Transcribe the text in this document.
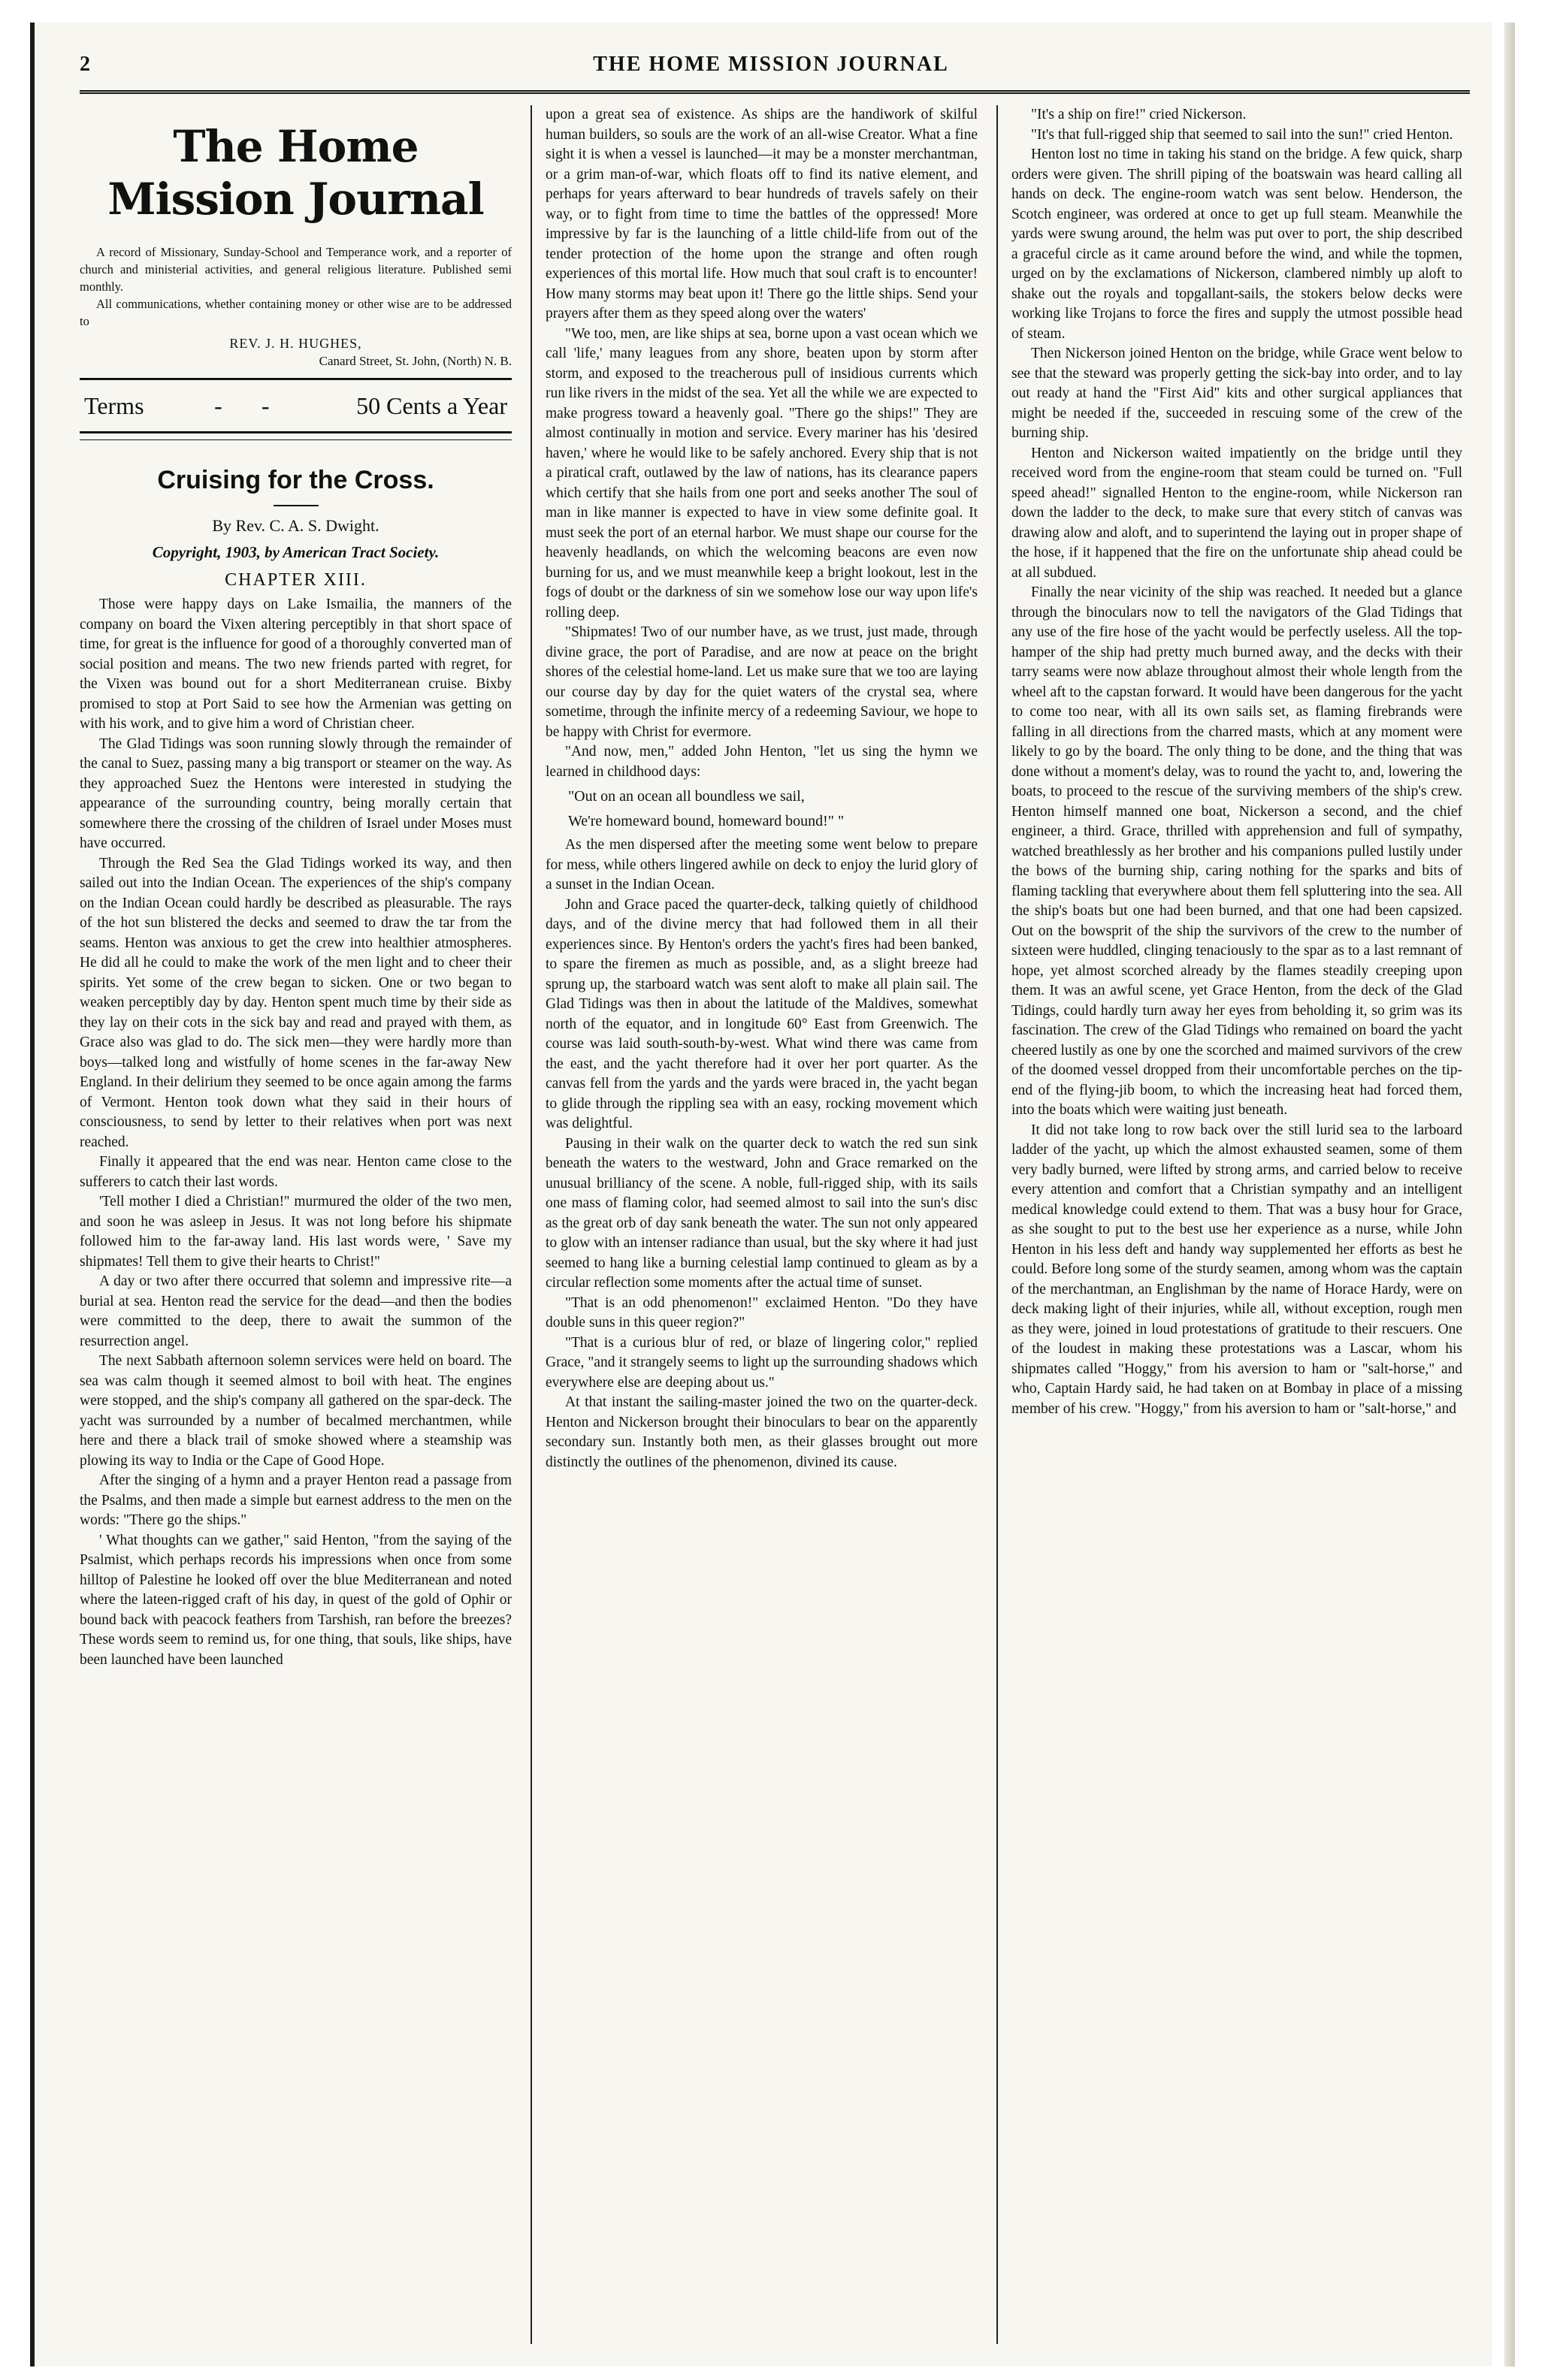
2	THE HOME MISSION JOURNAL
The Home Mission Journal

A record of Missionary, Sunday-School and Temperance work, and a reporter of church and ministerial activities, and general religious literature. Published semi monthly.

All communications, whether containing money or other wise are to be addressed to

REV. J. H. HUGHES,
Canard Street, St. John, (North) N. B.
Terms	- -	50 Cents a Year
Cruising for the Cross.
By Rev. C. A. S. Dwight.
Copyright, 1903, by American Tract Society.
CHAPTER XIII.

Those were happy days on Lake Ismailia, the manners of the company on board the Vixen altering perceptibly in that short space of time, for great is the influence for good of a thoroughly converted man of social position and means. The two new friends parted with regret, for the Vixen was bound out for a short Mediterranean cruise. Bixby promised to stop at Port Said to see how the Armenian was getting on with his work, and to give him a word of Christian cheer.

The Glad Tidings was soon running slowly through the remainder of the canal to Suez, passing many a big transport or steamer on the way. As they approached Suez the Hentons were interested in studying the appearance of the surrounding country, being morally certain that somewhere there the crossing of the children of Israel under Moses must have occurred.

Through the Red Sea the Glad Tidings worked its way, and then sailed out into the Indian Ocean. The experiences of the ship's company on the Indian Ocean could hardly be described as pleasurable. The rays of the hot sun blistered the decks and seemed to draw the tar from the seams. Henton was anxious to get the crew into healthier atmospheres. He did all he could to make the work of the men light and to cheer their spirits. Yet some of the crew began to sicken. One or two began to weaken perceptibly day by day. Henton spent much time by their side as they lay on their cots in the sick bay and read and prayed with them, as Grace also was glad to do. The sick men—they were hardly more than boys—talked long and wistfully of home scenes in the far-away New England. In their delirium they seemed to be once again among the farms of Vermont. Henton took down what they said in their hours of consciousness, to send by letter to their relatives when port was next reached.

Finally it appeared that the end was near. Henton came close to the sufferers to catch their last words.

'Tell mother I died a Christian!'' murmured the older of the two men, and soon he was asleep in Jesus. It was not long before his shipmate followed him to the far-away land. His last words were, ' Save my shipmates! Tell them to give their hearts to Christ!''

A day or two after there occurred that solemn and impressive rite—a burial at sea. Henton read the service for the dead—and then the bodies were committed to the deep, there to await the summon of the resurrection angel.

The next Sabbath afternoon solemn services were held on board. The sea was calm though it seemed almost to boil with heat. The engines were stopped, and the ship's company all gathered on the spar-deck. The yacht was surrounded by a number of becalmed merchantmen, while here and there a black trail of smoke showed where a steamship was plowing its way to India or the Cape of Good Hope.

After the singing of a hymn and a prayer Henton read a passage from the Psalms, and then made a simple but earnest address to the men on the words: "There go the ships."

' What thoughts can we gather," said Henton, "from the saying of the Psalmist, which perhaps records his impressions when once from some hilltop of Palestine he looked off over the blue Mediterranean and noted where the lateen-rigged craft of his day, in quest of the gold of Ophir or bound back with peacock feathers from Tarshish, ran before the breezes? These words seem to remind us, for one thing, that souls, like ships, have been launched have been launched

upon a great sea of existence. As ships are the handiwork of skilful human builders, so souls are the work of an all-wise Creator. What a fine sight it is when a vessel is launched—it may be a monster merchantman, or a grim man-of-war, which floats off to find its native element, and perhaps for years afterward to bear hundreds of travels safely on their way, or to fight from time to time the battles of the oppressed! More impressive by far is the launching of a little child-life from out of the tender protection of the home upon the strange and often rough experiences of this mortal life. How much that soul craft is to encounter! How many storms may beat upon it! There go the little ships. Send your prayers after them as they speed along over the waters'

"We too, men, are like ships at sea, borne upon a vast ocean which we call 'life,' many leagues from any shore, beaten upon by storm after storm, and exposed to the treacherous pull of insidious currents which run like rivers in the midst of the sea. Yet all the while we are expected to make progress toward a heavenly goal. "There go the ships!" They are almost continually in motion and service. Every mariner has his 'desired haven,' where he would like to be safely anchored. Every ship that is not a piratical craft, outlawed by the law of nations, has its clearance papers which certify that she hails from one port and seeks another The soul of man in like manner is expected to have in view some definite goal. It must seek the port of an eternal harbor. We must shape our course for the heavenly headlands, on which the welcoming beacons are even now burning for us, and we must meanwhile keep a bright lookout, lest in the fogs of doubt or the darkness of sin we somehow lose our way upon life's rolling deep.

"Shipmates! Two of our number have, as we trust, just made, through divine grace, the port of Paradise, and are now at peace on the bright shores of the celestial home-land. Let us make sure that we too are laying our course day by day for the quiet waters of the crystal sea, where sometime, through the infinite mercy of a redeeming Saviour, we hope to be happy with Christ for evermore.

"And now, men," added John Henton, "let us sing the hymn we learned in childhood days:

"Out on an ocean all boundless we sail,

We're homeward bound, homeward bound!" "

As the men dispersed after the meeting some went below to prepare for mess, while others lingered awhile on deck to enjoy the lurid glory of a sunset in the Indian Ocean.

John and Grace paced the quarter-deck, talking quietly of childhood days, and of the divine mercy that had followed them in all their experiences since. By Henton's orders the yacht's fires had been banked, to spare the firemen as much as possible, and, as a slight breeze had sprung up, the starboard watch was sent aloft to make all plain sail. The Glad Tidings was then in about the latitude of the Maldives, somewhat north of the equator, and in longitude 60° East from Greenwich. The course was laid south-south-by-west. What wind there was came from the east, and the yacht therefore had it over her port quarter. As the canvas fell from the yards and the yards were braced in, the yacht began to glide through the rippling sea with an easy, rocking movement which was delightful.

Pausing in their walk on the quarter deck to watch the red sun sink beneath the waters to the westward, John and Grace remarked on the unusual brilliancy of the scene. A noble, full-rigged ship, with its sails one mass of flaming color, had seemed almost to sail into the sun's disc as the great orb of day sank beneath the water. The sun not only appeared to glow with an intenser radiance than usual, but the sky where it had just seemed to hang like a burning celestial lamp continued to gleam as by a circular reflection some moments after the actual time of sunset.

"That is an odd phenomenon!" exclaimed Henton. "Do they have double suns in this queer region?"

"That is a curious blur of red, or blaze of lingering color," replied Grace, "and it strangely seems to light up the surrounding shadows which everywhere else are deeping about us."

At that instant the sailing-master joined the two on the quarter-deck. Henton and Nickerson brought their binoculars to bear on the apparently secondary sun. Instantly both men, as their glasses brought out more distinctly the outlines of the phenomenon, divined its cause.

"It's a ship on fire!" cried Nickerson.

"It's that full-rigged ship that seemed to sail into the sun!" cried Henton.

Henton lost no time in taking his stand on the bridge. A few quick, sharp orders were given. The shrill piping of the boatswain was heard calling all hands on deck. The engine-room watch was sent below. Henderson, the Scotch engineer, was ordered at once to get up full steam. Meanwhile the yards were swung around, the helm was put over to port, the ship described a graceful circle as it came around before the wind, and while the topmen, urged on by the exclamations of Nickerson, clambered nimbly up aloft to shake out the royals and topgallant-sails, the stokers below decks were working like Trojans to force the fires and supply the utmost possible head of steam.

Then Nickerson joined Henton on the bridge, while Grace went below to see that the steward was properly getting the sick-bay into order, and to lay out ready at hand the "First Aid" kits and other surgical appliances that might be needed if the, succeeded in rescuing some of the crew of the burning ship.

Henton and Nickerson waited impatiently on the bridge until they received word from the engine-room that steam could be turned on. "Full speed ahead!" signalled Henton to the engine-room, while Nickerson ran down the ladder to the deck, to make sure that every stitch of canvas was drawing alow and aloft, and to superintend the laying out in proper shape of the hose, if it happened that the fire on the unfortunate ship ahead could be at all subdued.

Finally the near vicinity of the ship was reached. It needed but a glance through the binoculars now to tell the navigators of the Glad Tidings that any use of the fire hose of the yacht would be perfectly useless. All the top-hamper of the ship had pretty much burned away, and the decks with their tarry seams were now ablaze throughout almost their whole length from the wheel aft to the capstan forward. It would have been dangerous for the yacht to come too near, with all its own sails set, as flaming firebrands were falling in all directions from the charred masts, which at any moment were likely to go by the board. The only thing to be done, and the thing that was done without a moment's delay, was to round the yacht to, and, lowering the boats, to proceed to the rescue of the surviving members of the ship's crew. Henton himself manned one boat, Nickerson a second, and the chief engineer, a third. Grace, thrilled with apprehension and full of sympathy, watched breathlessly as her brother and his companions pulled lustily under the bows of the burning ship, caring nothing for the sparks and bits of flaming tackling that everywhere about them fell spluttering into the sea. All the ship's boats but one had been burned, and that one had been capsized. Out on the bowsprit of the ship the survivors of the crew to the number of sixteen were huddled, clinging tenaciously to the spar as to a last remnant of hope, yet almost scorched already by the flames steadily creeping upon them. It was an awful scene, yet Grace Henton, from the deck of the Glad Tidings, could hardly turn away her eyes from beholding it, so grim was its fascination. The crew of the Glad Tidings who remained on board the yacht cheered lustily as one by one the scorched and maimed survivors of the crew of the doomed vessel dropped from their uncomfortable perches on the tip-end of the flying-jib boom, to which the increasing heat had forced them, into the boats which were waiting just beneath.

It did not take long to row back over the still lurid sea to the larboard ladder of the yacht, up which the almost exhausted seamen, some of them very badly burned, were lifted by strong arms, and carried below to receive every attention and comfort that a Christian sympathy and an intelligent medical knowledge could extend to them. That was a busy hour for Grace, as she sought to put to the best use her experience as a nurse, while John Henton in his less deft and handy way supplemented her efforts as best he could. Before long some of the sturdy seamen, among whom was the captain of the merchantman, an Englishman by the name of Horace Hardy, were on deck making light of their injuries, while all, without exception, rough men as they were, joined in loud protestations of gratitude to their rescuers. One of the loudest in making these protestations was a Lascar, whom his shipmates called "Hoggy," from his aversion to ham or "salt-horse," and who, Captain Hardy said, he had taken on at Bombay in place of a missing member of his crew. "Hoggy," from his aversion to ham or "salt-horse," and
